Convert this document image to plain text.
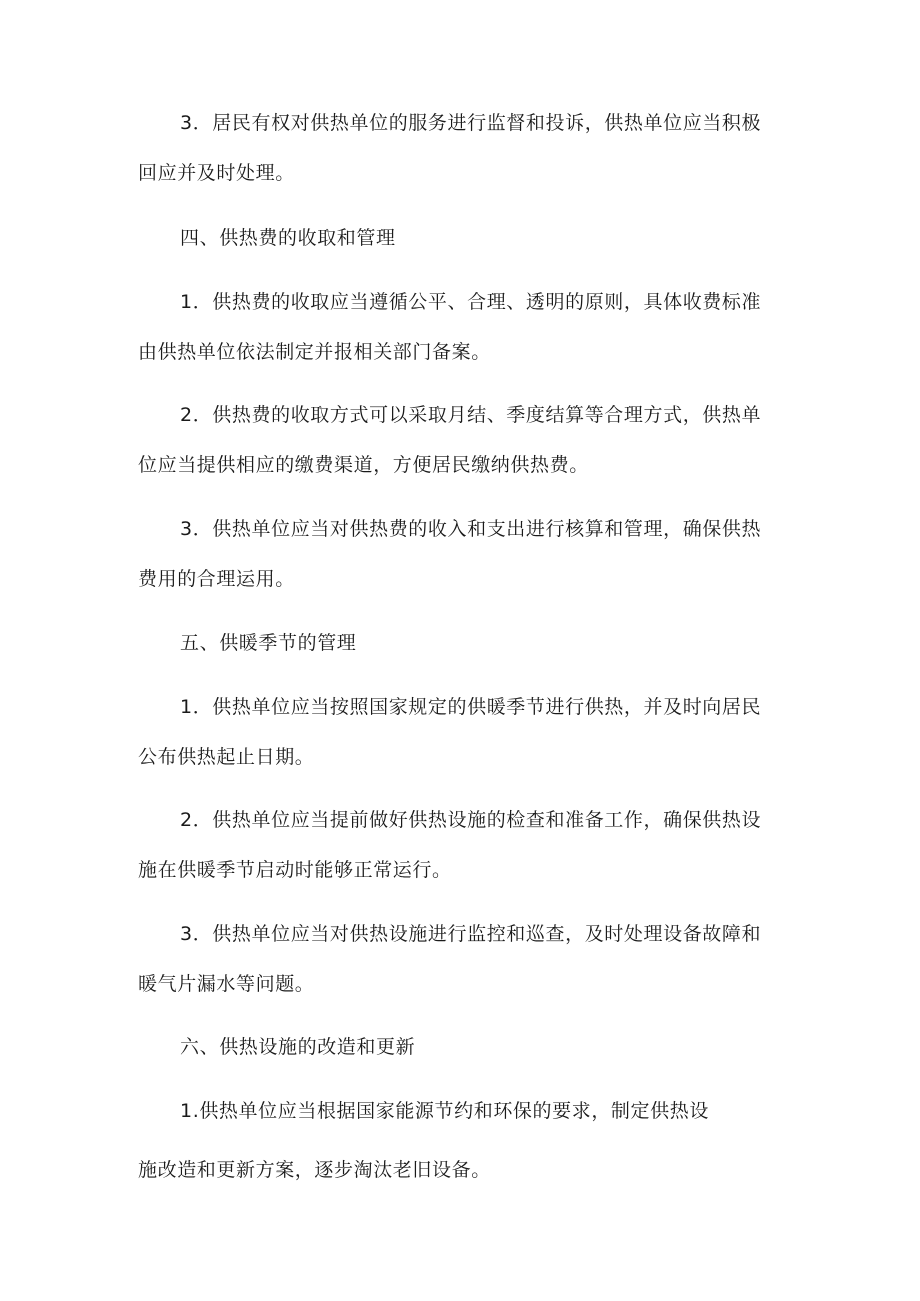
3．居民有权对供热单位的服务进行监督和投诉，供热单位应当积极
回应并及时处理。
四、供热费的收取和管理
1．供热费的收取应当遵循公平、合理、透明的原则，具体收费标准
由供热单位依法制定并报相关部门备案。
2．供热费的收取方式可以采取月结、季度结算等合理方式，供热单
位应当提供相应的缴费渠道，方便居民缴纳供热费。
3．供热单位应当对供热费的收入和支出进行核算和管理，确保供热
费用的合理运用。
五、供暖季节的管理
1．供热单位应当按照国家规定的供暖季节进行供热，并及时向居民
公布供热起止日期。
2．供热单位应当提前做好供热设施的检查和准备工作，确保供热设
施在供暖季节启动时能够正常运行。
3．供热单位应当对供热设施进行监控和巡查，及时处理设备故障和
暖气片漏水等问题。
六、供热设施的改造和更新
1.供热单位应当根据国家能源节约和环保的要求，制定供热设
施改造和更新方案，逐步淘汰老旧设备。
